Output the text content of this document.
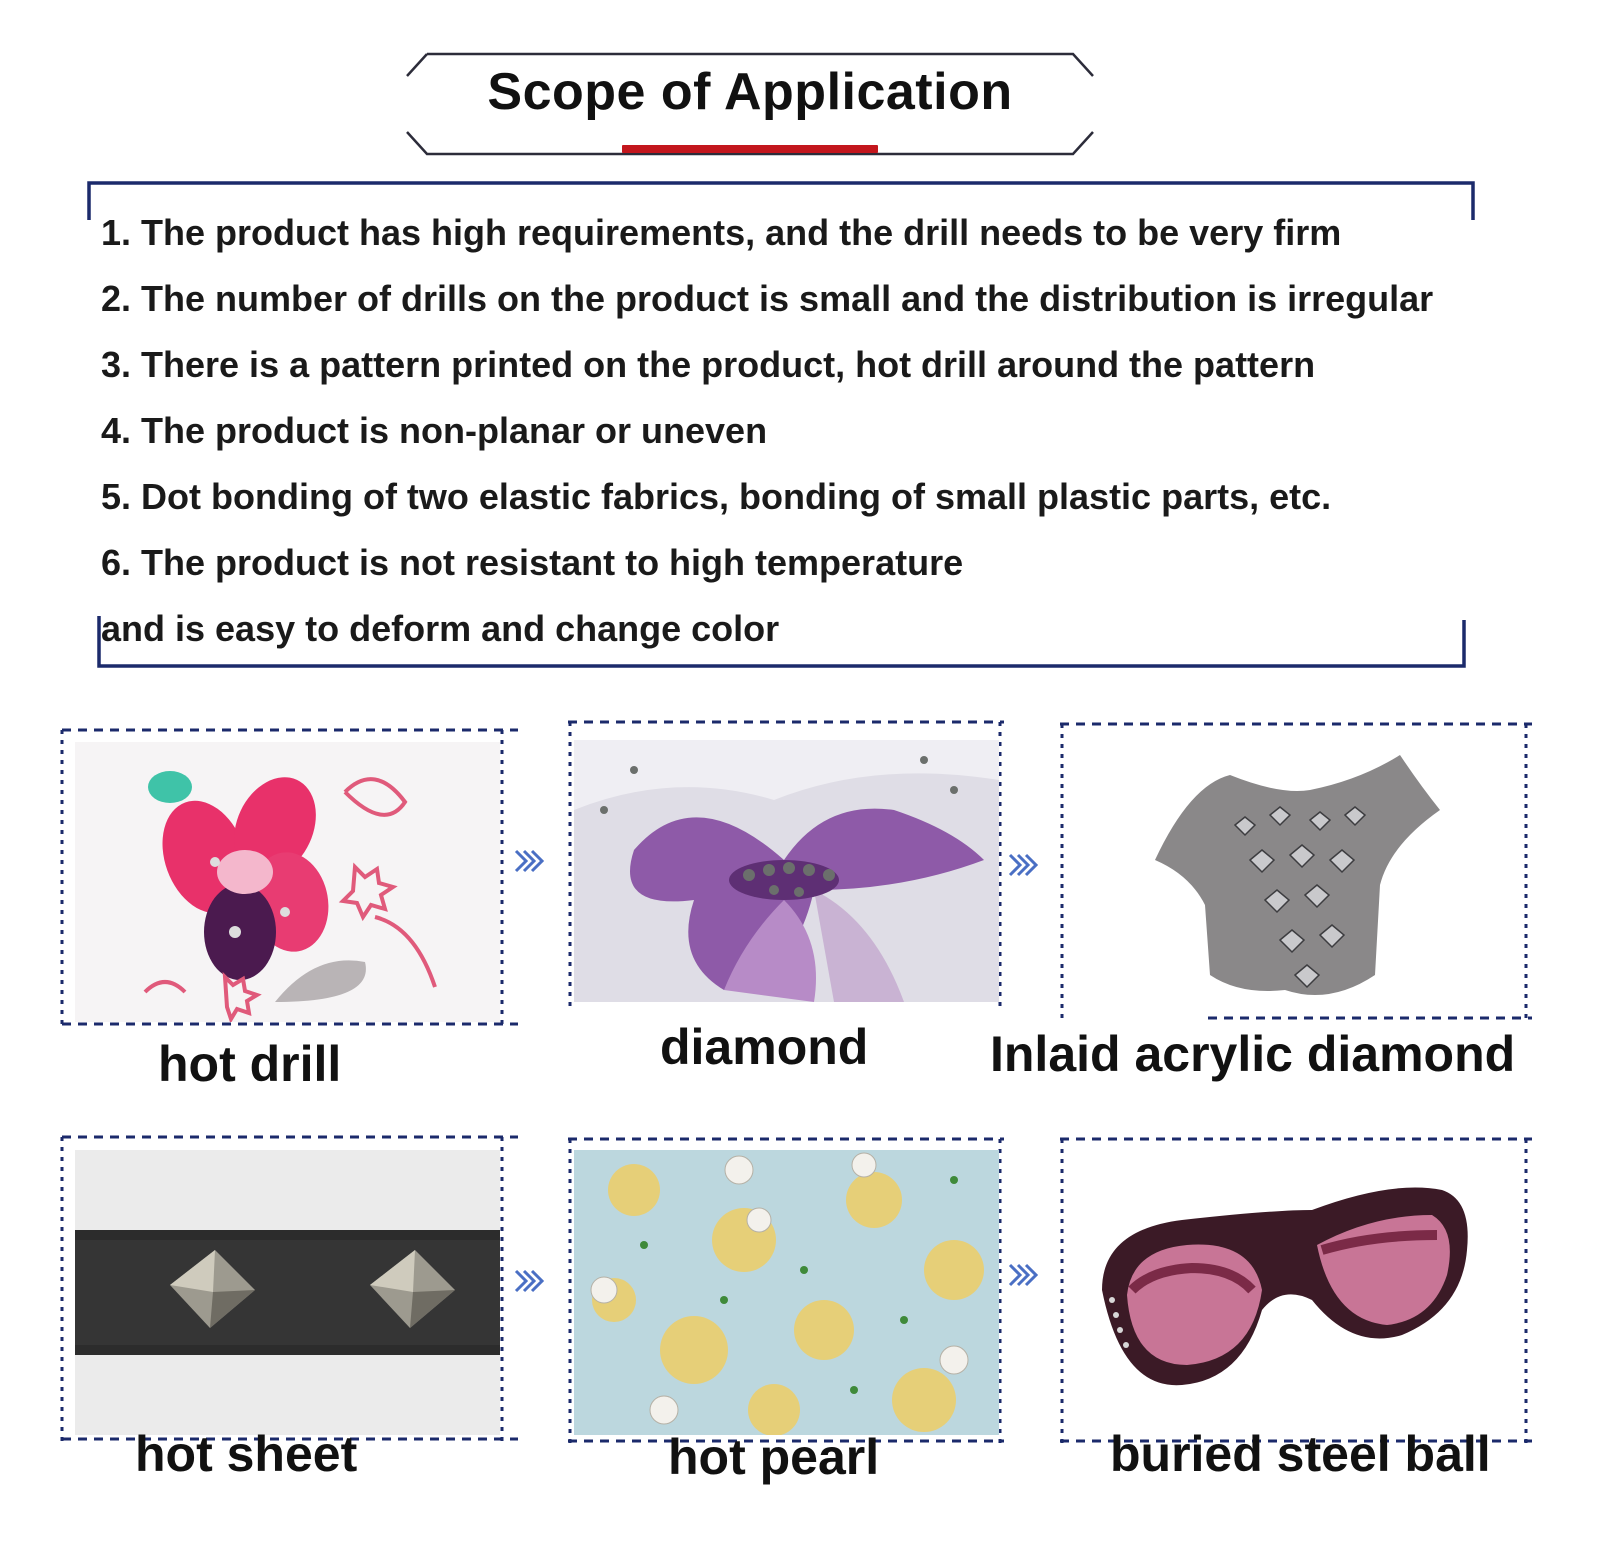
Scope of Application
1. The product has high requirements, and the drill needs to be very firm
2. The number of drills on the product is small and the distribution is irregular
3. There is a pattern printed on the product, hot drill around the pattern
4. The product is non-planar or uneven
5. Dot bonding of two elastic fabrics, bonding of small plastic parts, etc.
6. The product is not resistant to high temperature
and is easy to deform and change color
hot drill	diamond Inlaid acrylic diamond
hot sheet	hot pearl	buried steel ball
